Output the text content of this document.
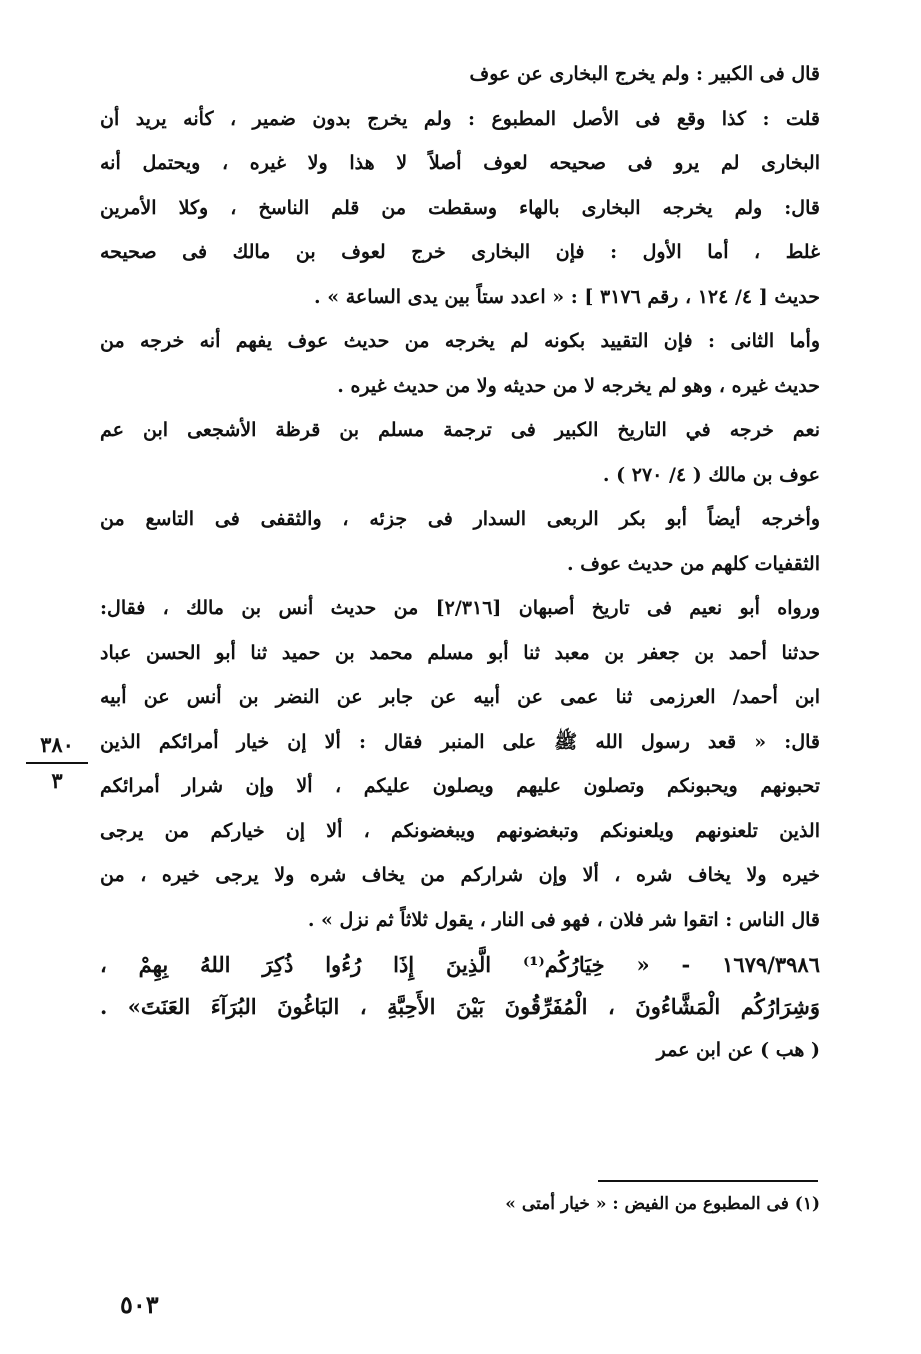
قال فى الكبير : ولم يخرج البخارى عن عوف
قلت : كذا وقع فى الأصل المطبوع : ولم يخرج بدون ضمير ، كأنه يريد أن
البخارى لم يرو فى صحيحه لعوف أصلاً لا هذا ولا غيره ، ويحتمل أنه
قال: ولم يخرجه البخارى بالهاء وسقطت من قلم الناسخ ، وكلا الأمرين
غلط ، أما الأول : فإن البخارى خرج لعوف بن مالك فى صحيحه
حديث [ ٤/ ١٢٤ ، رقم ٣١٧٦ ] : « اعدد ستاً بين يدى الساعة » .
وأما الثانى : فإن التقييد بكونه لم يخرجه من حديث عوف يفهم أنه خرجه من
حديث غيره ، وهو لم يخرجه لا من حديثه ولا من حديث غيره .
نعم خرجه في التاريخ الكبير فى ترجمة مسلم بن قرظة الأشجعى ابن عم
عوف بن مالك ( ٤/ ٢٧٠ ) .
وأخرجه أيضاً أبو بكر الربعى السدار فى جزئه ، والثقفى فى التاسع من
الثقفيات كلهم من حديث عوف .
ورواه أبو نعيم فى تاريخ أصبهان [٢/٣١٦] من حديث أنس بن مالك ، فقال:
حدثنا أحمد بن جعفر بن معبد ثنا أبو مسلم محمد بن حميد ثنا أبو الحسن عباد
ابن أحمد/ العرزمى ثنا عمى عن أبيه عن جابر عن النضر بن أنس عن أبيه
قال: « قعد رسول الله ﷺ على المنبر فقال : ألا إن خيار أمرائكم الذين
تحبونهم ويحبونكم وتصلون عليهم ويصلون عليكم ، ألا وإن شرار أمرائكم
الذين تلعنونهم ويلعنونكم وتبغضونهم ويبغضونكم ، ألا إن خياركم من يرجى
خيره ولا يخاف شره ، ألا وإن شراركم من يخاف شره ولا يرجى خيره ، من
قال الناس : اتقوا شر فلان ، فهو فى النار ، يقول ثلاثاً ثم نزل » .
١٦٧٩/٣٩٨٦ - « خِيَارُكُم⁽¹⁾ الَّذِينَ إِذَا رُءُوا ذُكِرَ اللهُ بِهِمْ ،
وَشِرَارُكُم الْمَشَّاءُونَ ، الْمُفَرِّقُونَ بَيْنَ الأَحِبَّةِ ، البَاغُونَ البُرَآءَ العَنَتَ» .
( هب ) عن ابن عمر
٣٨٠
٣
(١) فى المطبوع من الفيض : « خيار أمتى »
٥٠٣
